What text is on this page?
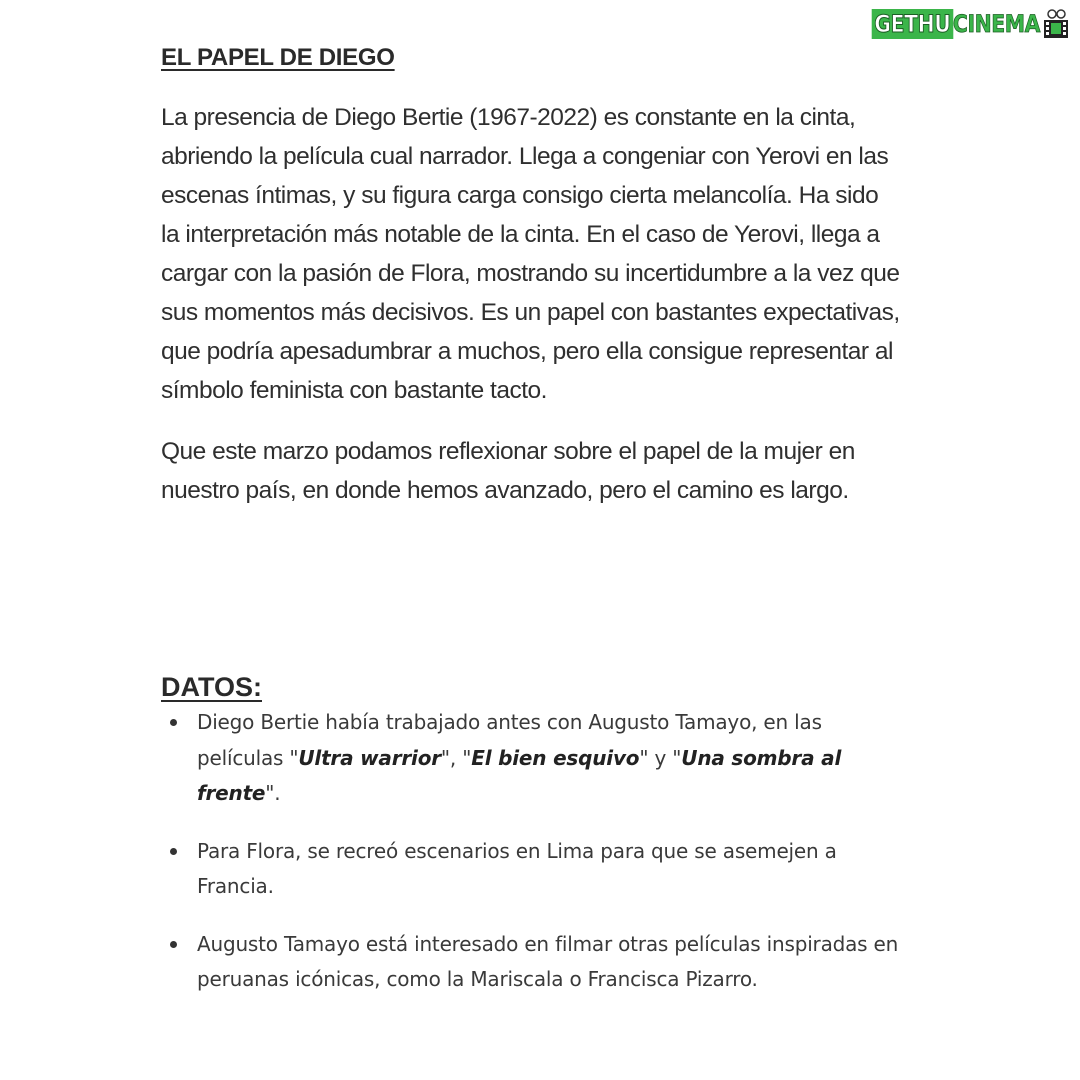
GETHU CINEMA
EL PAPEL DE DIEGO

La presencia de Diego Bertie (1967-2022) es constante en la cinta, abriendo la película cual narrador. Llega a congeniar con Yerovi en las escenas íntimas, y su figura carga consigo cierta melancolía. Ha sido la interpretación más notable de la cinta. En el caso de Yerovi, llega a cargar con la pasión de Flora, mostrando su incertidumbre a la vez que sus momentos más decisivos. Es un papel con bastantes expectativas, que podría apesadumbrar a muchos, pero ella consigue representar al símbolo feminista con bastante tacto.

Que este marzo podamos reflexionar sobre el papel de la mujer en nuestro país, en donde hemos avanzado, pero el camino es largo.

DATOS:
Diego Bertie había trabajado antes con Augusto Tamayo, en las películas "Ultra warrior", "El bien esquivo" y "Una sombra al frente".
Para Flora, se recreó escenarios en Lima para que se asemejen a Francia.
Augusto Tamayo está interesado en filmar otras películas inspiradas en peruanas icónicas, como la Mariscala o Francisca Pizarro.
